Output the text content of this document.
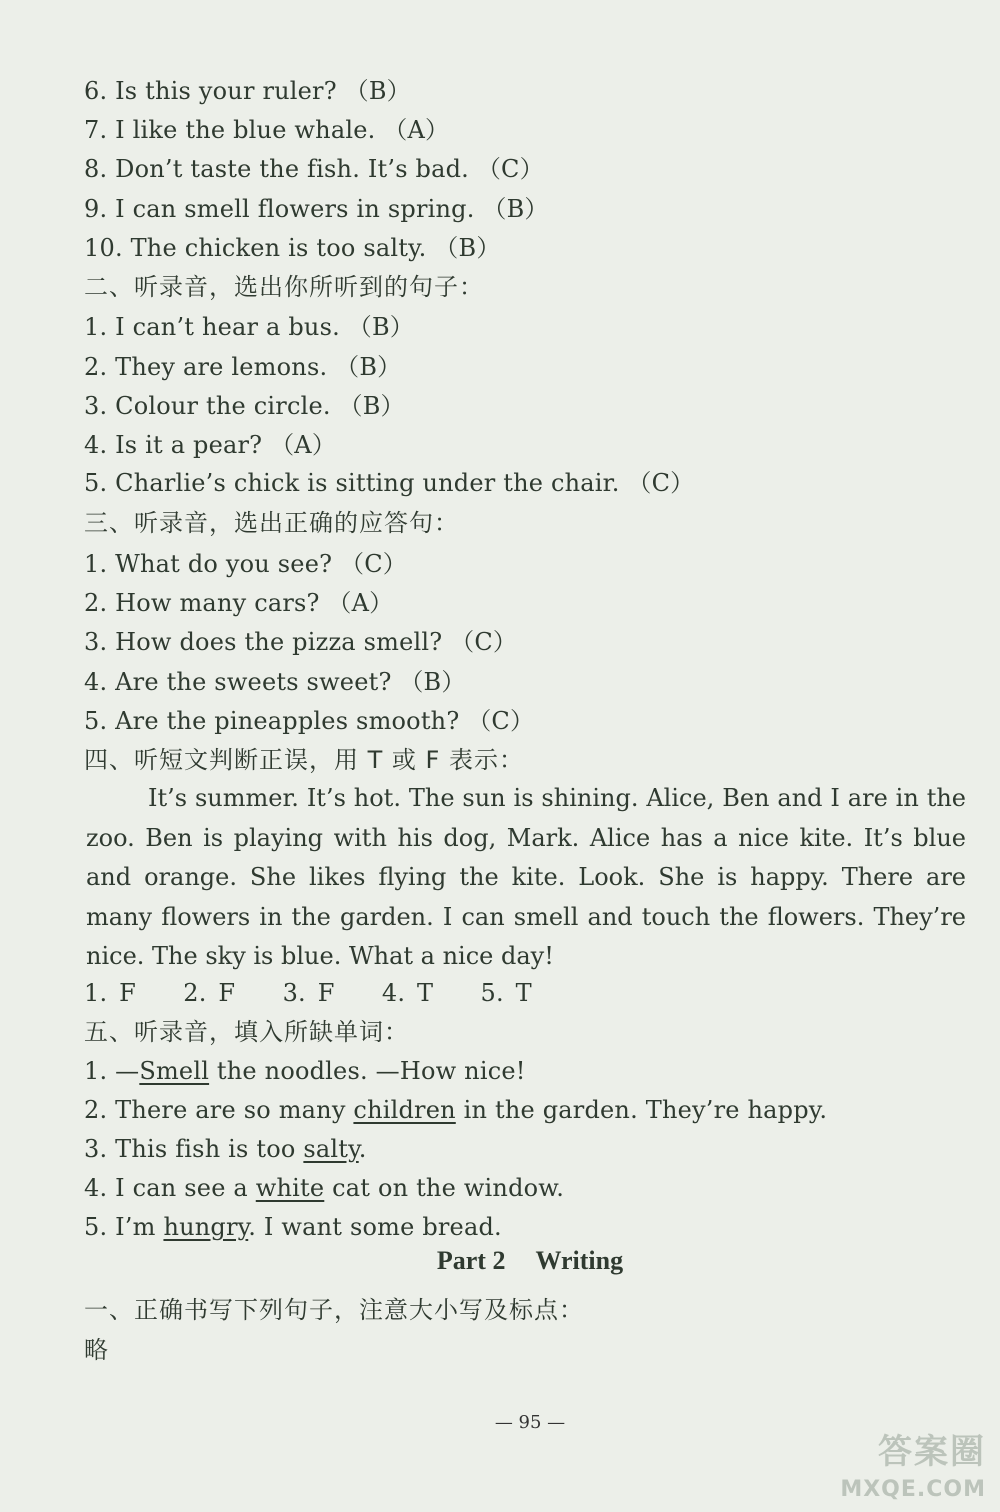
6. Is this your ruler? （B）
7. I like the blue whale. （A）
8. Don’t taste the fish. It’s bad. （C）
9. I can smell flowers in spring. （B）
10. The chicken is too salty. （B）
二、听录音，选出你所听到的句子：
1. I can’t hear a bus. （B）
2. They are lemons. （B）
3. Colour the circle. （B）
4. Is it a pear? （A）
5. Charlie’s chick is sitting under the chair. （C）
三、听录音，选出正确的应答句：
1. What do you see? （C）
2. How many cars? （A）
3. How does the pizza smell? （C）
4. Are the sweets sweet? （B）
5. Are the pineapples smooth? （C）
四、听短文判断正误，用 T 或 F 表示：
It’s summer. It’s hot. The sun is shining. Alice, Ben and I are in the zoo. Ben is playing with his dog, Mark. Alice has a nice kite. It’s blue and orange. She likes flying the kite. Look. She is happy. There are many flowers in the garden. I can smell and touch the flowers. They’re nice. The sky is blue. What a nice day!
1. F    2. F    3. F    4. T    5. T
五、听录音，填入所缺单词：
1. —Smell the noodles. —How nice!
2. There are so many children in the garden. They’re happy.
3. This fish is too salty.
4. I can see a white cat on the window.
5. I’m hungry. I want some bread.
Part 2 Writing
一、正确书写下列句子，注意大小写及标点：
略
— 95 —
答案圈
MXQE.COM
